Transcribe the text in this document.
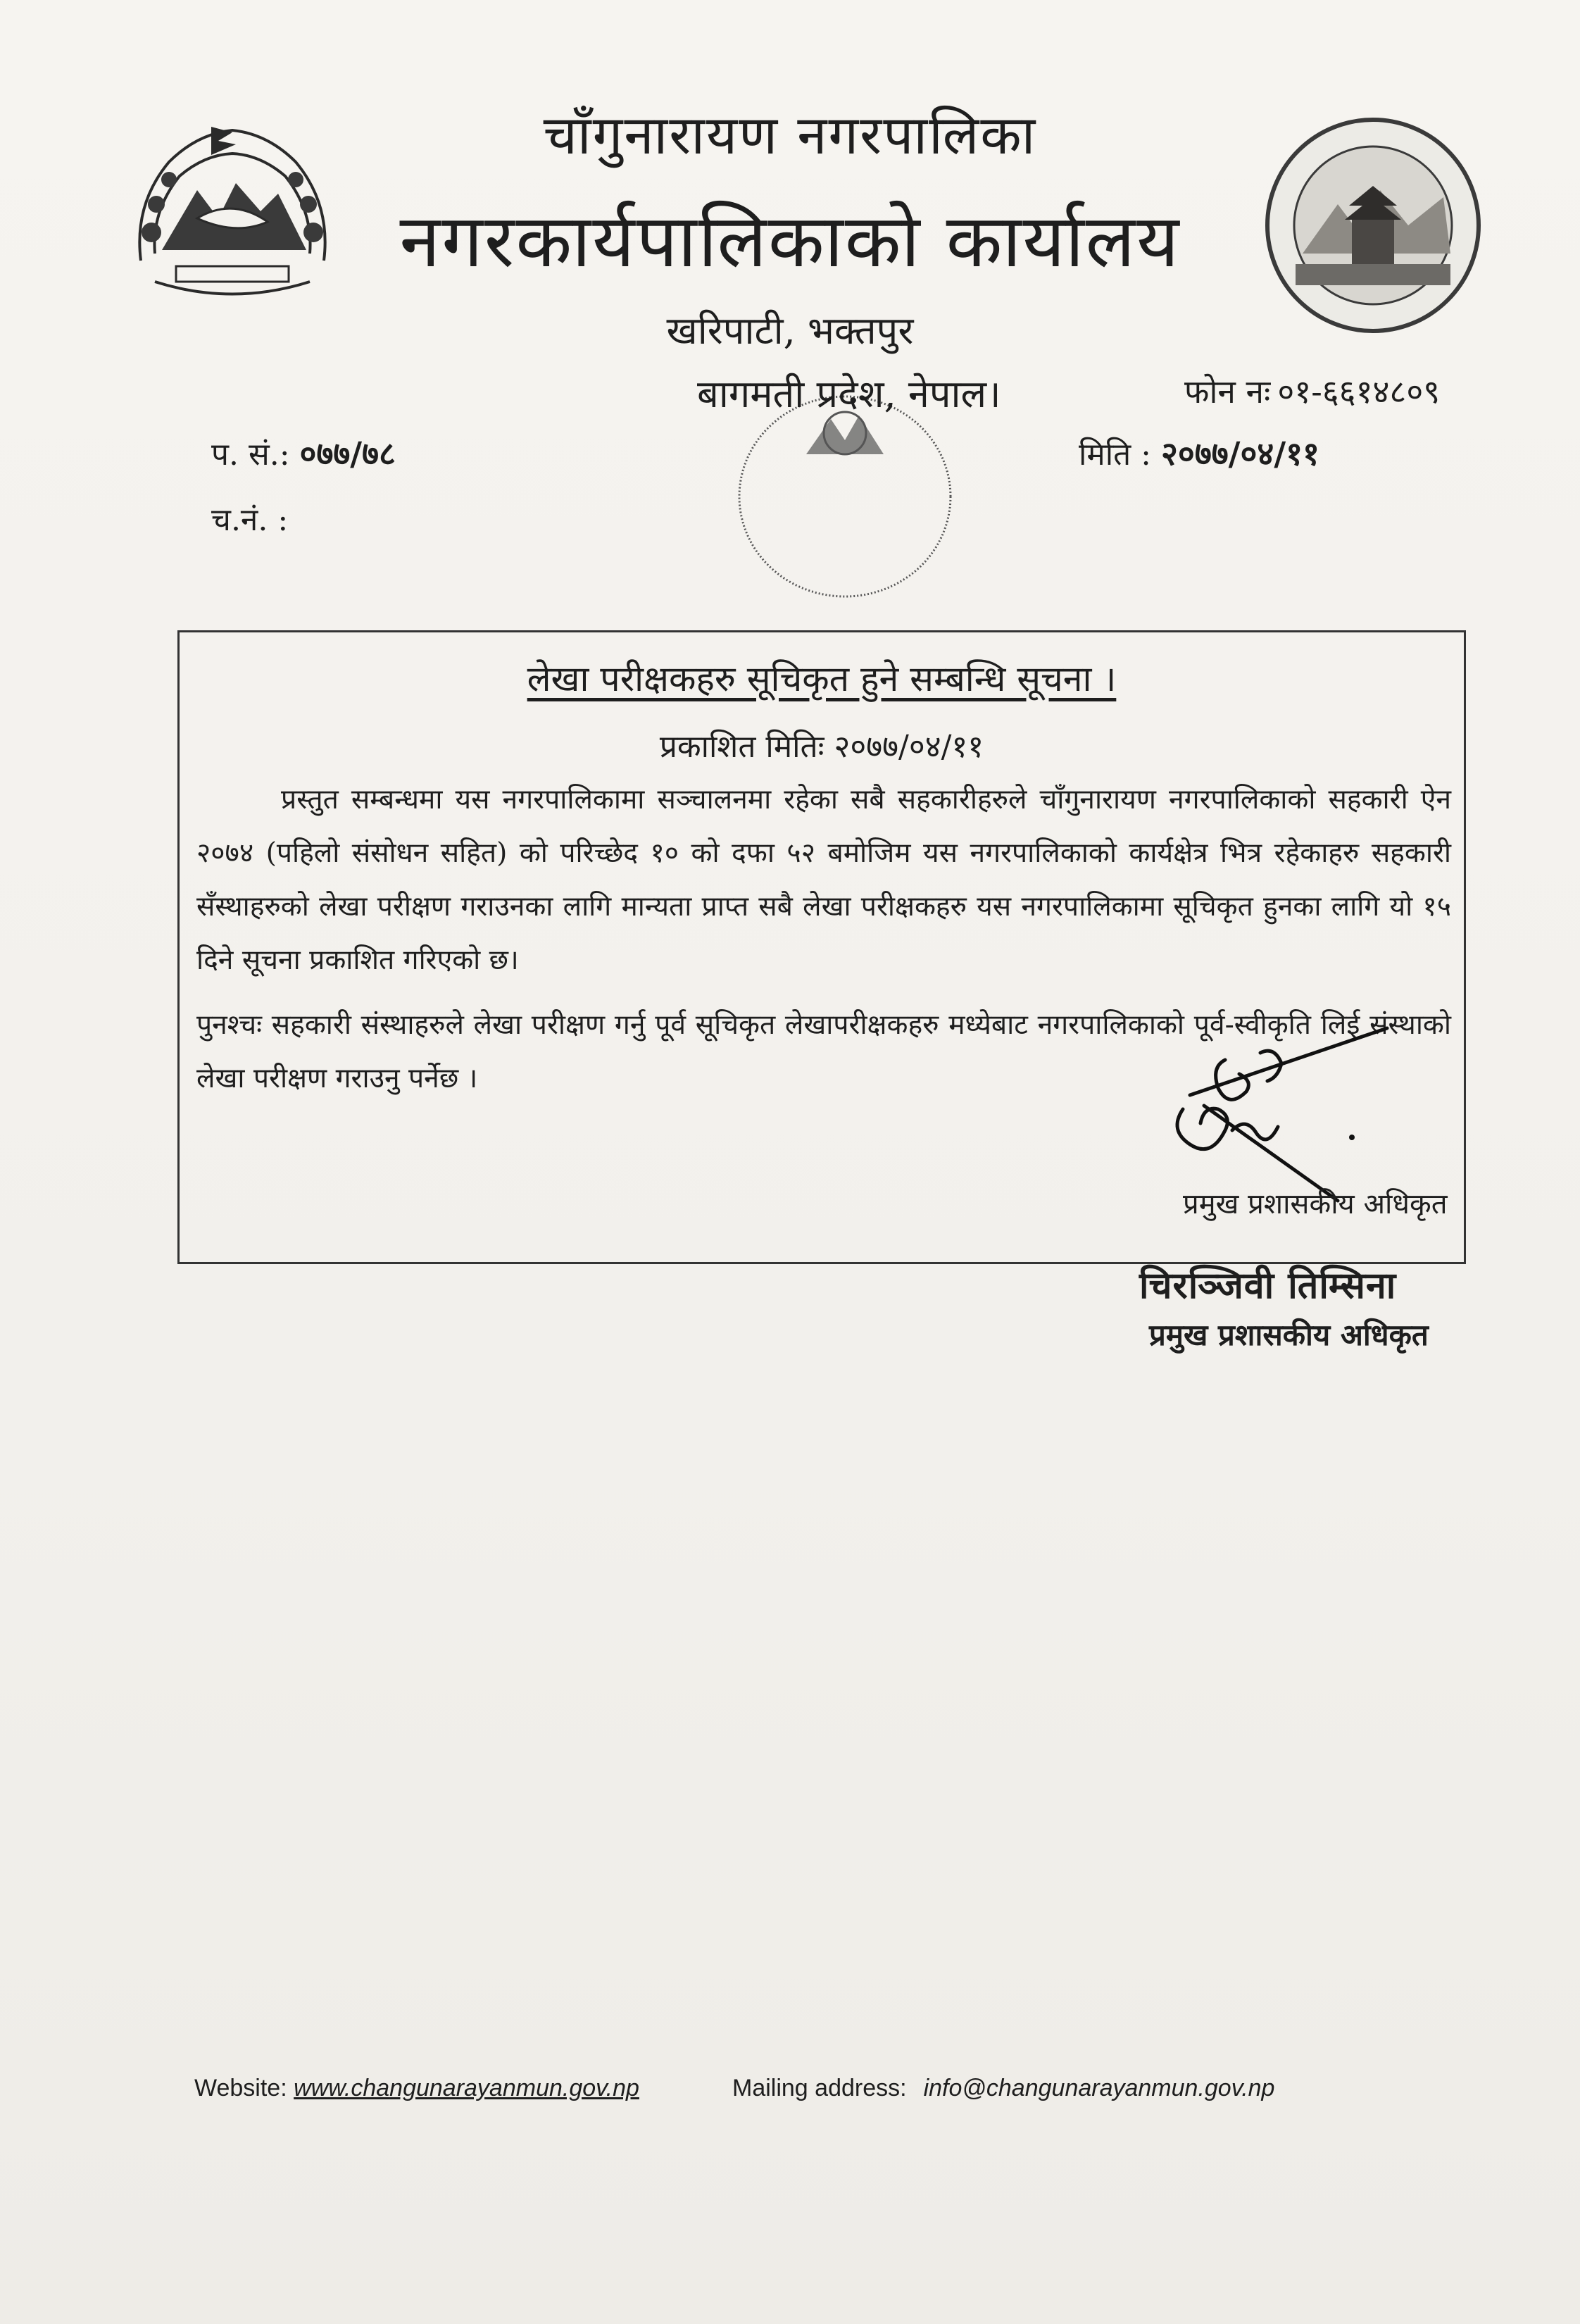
चाँगुनारायण नगरपालिका
नगरकार्यपालिकाको कार्यालय
खरिपाटी, भक्तपुर
बागमती प्रदेश, नेपाल।	फोन नः ०१-६६१४८०९
प. सं.: ०७७/७८	मिति : २०७७/०४/११
च.नं. :
लेखा परीक्षकहरु सूचिकृत हुने सम्बन्धि सूचना ।
प्रकाशित मितिः २०७७/०४/११
प्रस्तुत सम्बन्धमा यस नगरपालिकामा सञ्चालनमा रहेका सबै सहकारीहरुले चाँगुनारायण नगरपालिकाको सहकारी ऐन २०७४ (पहिलो संसोधन सहित) को परिच्छेद १० को दफा ५२ बमोजिम यस नगरपालिकाको कार्यक्षेत्र भित्र रहेकाहरु सहकारी सँस्थाहरुको लेखा परीक्षण गराउनका लागि मान्यता प्राप्त सबै लेखा परीक्षकहरु यस नगरपालिकामा सूचिकृत हुनका लागि यो १५ दिने सूचना प्रकाशित गरिएको छ।
पुनश्चः सहकारी संस्थाहरुले लेखा परीक्षण गर्नु पूर्व सूचिकृत लेखापरीक्षकहरु मध्येबाट नगरपालिकाको पूर्व-स्वीकृति लिई संस्थाको लेखा परीक्षण गराउनु पर्नेछ ।
प्रमुख प्रशासकीय अधिकृत
चिरञ्जिवी तिम्सिना
प्रमुख प्रशासकीय अधिकृत
Website: www.changunarayanmun.gov.np	Mailing address: info@changunarayanmun.gov.np
